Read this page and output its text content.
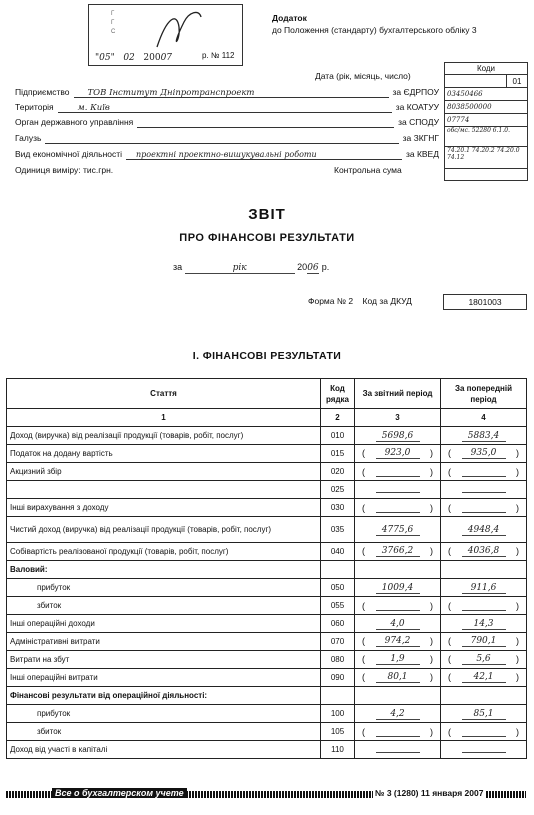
Г
Г
С
"05"   02 20007	р. № 112
Додаток
до Положення (стандарту) бухгалтерського обліку 3
Дата (рік, місяць, число)
Коди
01
03450466
8038500000
07774
обс/мс. 52280 6.1.0.
74.20.1 74.20.2 74.20.0 74.12
Підприємство	ТОВ Інститут Дніпротранспроект	за ЄДРПОУ
Територія	м. Київ	за КОАТУУ
Орган державного управління	за СПОДУ
Галузь	за ЗКГНГ
Вид економічної діяльності	проектні проектно-вишукувальні роботи	за КВЕД
Одиниця виміру: тис.грн.	Контрольна сума
ЗВІТ
ПРО ФІНАНСОВІ РЕЗУЛЬТАТИ
за	рік	2006 р.
Форма № 2 Код за ДКУД	1801003
І. ФІНАНСОВІ РЕЗУЛЬТАТИ
Стаття	Код рядка	За звітний період	За попередній період
1	2	3	4
Доход (виручка) від реалізації продукції (товарів, робіт, послуг)	010	5698,6	5883,4

Податок на додану вартість	015	( 923,0 )	( 935,0 )

Акцизний збір	020	( )	( )

	025	

Інші вирахування з доходу	030	( )	( )

Чистий доход (виручка) від реалізації продукції (товарів, робіт, послуг)	035	4775,6	4948,4

Собівартість реалізованої продукції (товарів, робіт, послуг)	040	( 3766,2 )	( 4036,8 )

Валовий:			
прибуток	050	1009,4	911,6

збиток	055	( )	( )

Інші операційні доходи	060	4,0	14,3

Адміністративні витрати	070	( 974,2 )	( 790,1 )

Витрати на збут	080	( 1,9 )	( 5,6 )

Інші операційні витрати	090	( 80,1 )	( 42,1 )

Фінансові результати від операційної діяльності:			
прибуток	100	4,2	85,1

збиток	105	( )	( )

Доход від участі в капіталі	110	

Все о бухгалтерском учете	№ 3 (1280) 11 января 2007
